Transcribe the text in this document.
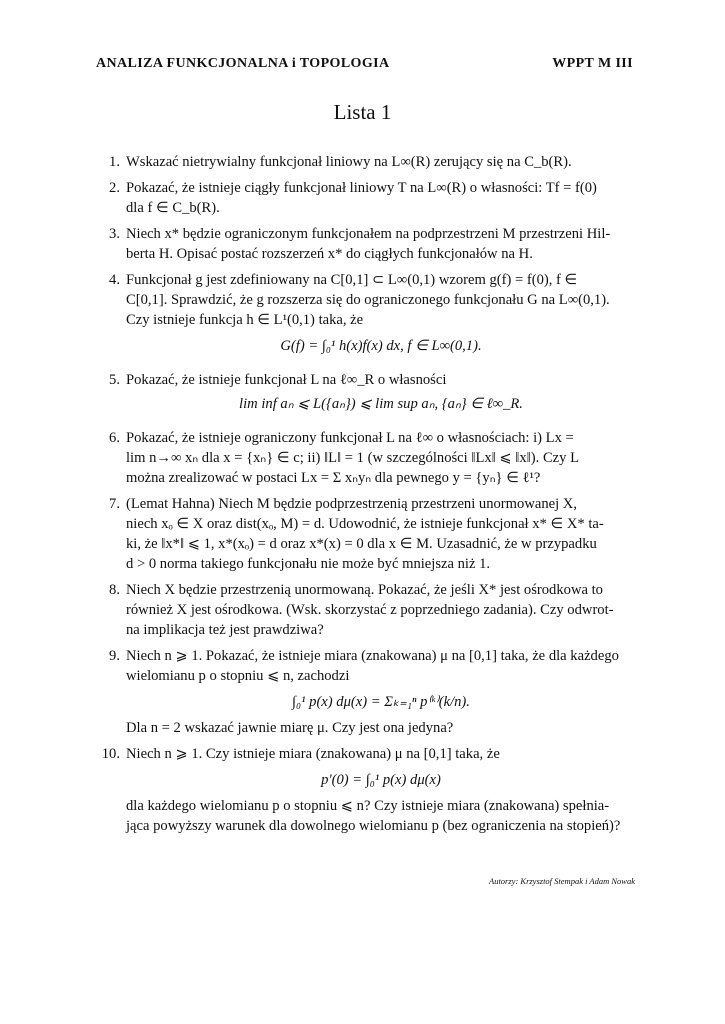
ANALIZA FUNKCJONALNA i TOPOLOGIA	WPPT M III
Lista 1
1. Wskazać nietrywialny funkcjonał liniowy na L∞(R) zerujący się na C_b(R).
2. Pokazać, że istnieje ciągły funkcjonał liniowy T na L∞(R) o własności: Tf = f(0)
dla f ∈ C_b(R).
3. Niech x* będzie ograniczonym funkcjonałem na podprzestrzeni M przestrzeni Hil-
berta H. Opisać postać rozszerzeń x* do ciągłych funkcjonałów na H.
4. Funkcjonał g jest zdefiniowany na C[0,1] ⊂ L∞(0,1) wzorem g(f) = f(0), f ∈
C[0,1]. Sprawdzić, że g rozszerza się do ograniczonego funkcjonału G na L∞(0,1).
Czy istnieje funkcja h ∈ L¹(0,1) taka, że
G(f) = ∫₀¹ h(x)f(x) dx, f ∈ L∞(0,1).
5. Pokazać, że istnieje funkcjonał L na ℓ∞_R o własności
lim inf aₙ ⩽ L({aₙ}) ⩽ lim sup aₙ, {aₙ} ∈ ℓ∞_R.
6. Pokazać, że istnieje ograniczony funkcjonał L na ℓ∞ o własnościach: i) Lx =
lim n→∞ xₙ dla x = {xₙ} ∈ c; ii) ‖L‖ = 1 (w szczególności ‖Lx‖ ⩽ ‖x‖). Czy L
można zrealizować w postaci Lx = Σ xₙyₙ dla pewnego y = {yₙ} ∈ ℓ¹?
7. (Lemat Hahna) Niech M będzie podprzestrzenią przestrzeni unormowanej X,
niech xₒ ∈ X oraz dist(xₒ, M) = d. Udowodnić, że istnieje funkcjonał x* ∈ X* ta-
ki, że ‖x*‖ ⩽ 1, x*(xₒ) = d oraz x*(x) = 0 dla x ∈ M. Uzasadnić, że w przypadku
d > 0 norma takiego funkcjonału nie może być mniejsza niż 1.
8. Niech X będzie przestrzenią unormowaną. Pokazać, że jeśli X* jest ośrodkowa to
również X jest ośrodkowa. (Wsk. skorzystać z poprzedniego zadania). Czy odwrot-
na implikacja też jest prawdziwa?
9. Niech n ⩾ 1. Pokazać, że istnieje miara (znakowana) μ na [0,1] taka, że dla każdego
wielomianu p o stopniu ⩽ n, zachodzi
∫₀¹ p(x) dμ(x) = Σₖ₌₁ⁿ p⁽ᵏ⁾(k/n).
Dla n = 2 wskazać jawnie miarę μ. Czy jest ona jedyna?
10. Niech n ⩾ 1. Czy istnieje miara (znakowana) μ na [0,1] taka, że
p′(0) = ∫₀¹ p(x) dμ(x)
dla każdego wielomianu p o stopniu ⩽ n? Czy istnieje miara (znakowana) spełnia-
jąca powyższy warunek dla dowolnego wielomianu p (bez ograniczenia na stopień)?
Autorzy: Krzysztof Stempak i Adam Nowak
